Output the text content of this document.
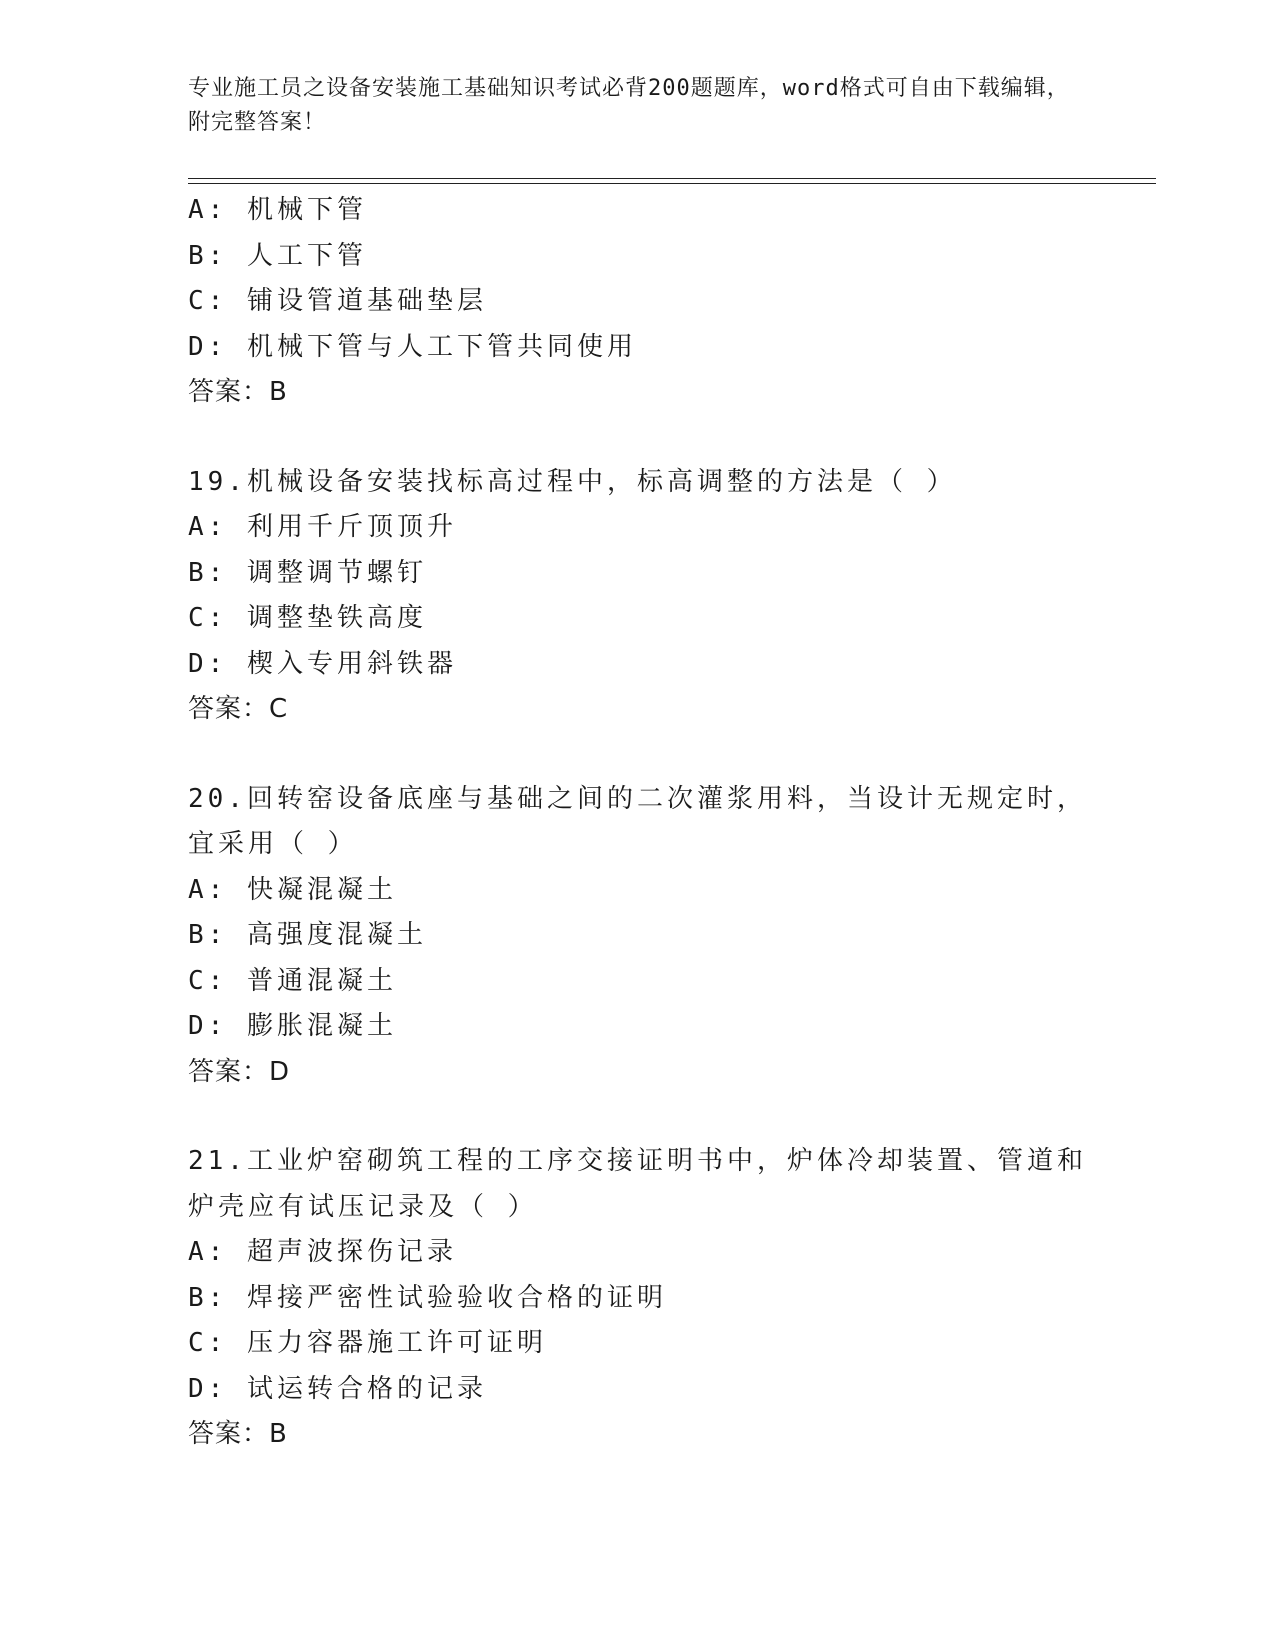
专业施工员之设备安装施工基础知识考试必背200题题库，word格式可自由下载编辑，附完整答案！
A: 机械下管
B: 人工下管
C: 铺设管道基础垫层
D: 机械下管与人工下管共同使用
答案：B
19.机械设备安装找标高过程中，标高调整的方法是（ ）
A: 利用千斤顶顶升
B: 调整调节螺钉
C: 调整垫铁高度
D: 楔入专用斜铁器
答案：C
20.回转窑设备底座与基础之间的二次灌浆用料，当设计无规定时，宜采用（ ）
A: 快凝混凝土
B: 高强度混凝土
C: 普通混凝土
D: 膨胀混凝土
答案：D
21.工业炉窑砌筑工程的工序交接证明书中，炉体冷却装置、管道和炉壳应有试压记录及（ ）
A: 超声波探伤记录
B: 焊接严密性试验验收合格的证明
C: 压力容器施工许可证明
D: 试运转合格的记录
答案：B
